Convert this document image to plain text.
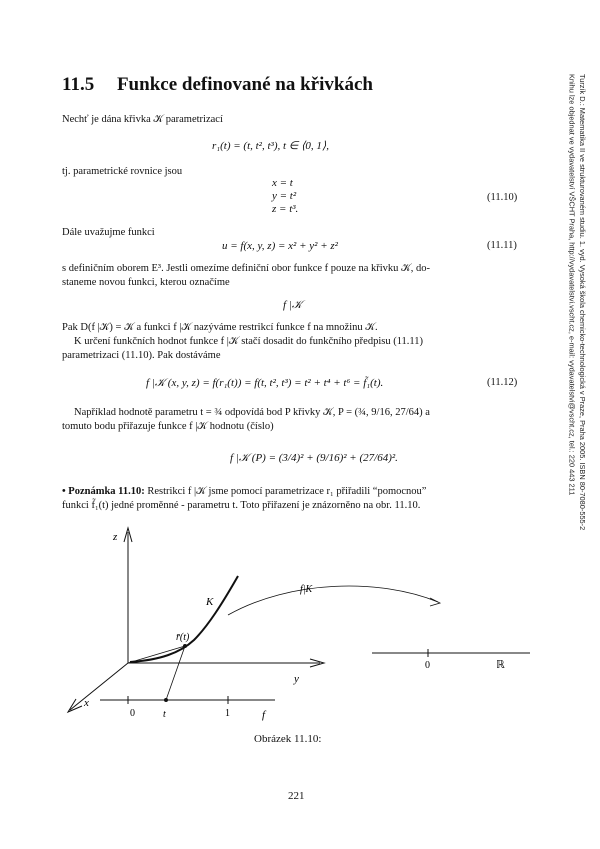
11.5 Funkce definované na křivkách	Turzík D.: Matematika II ve strukturovaném studiu. 1. vyd. Vysoká škola chemicko-technologická v Praze, Praha 2005. ISBN 80-7080-555-2
Knihu lze objednat ve vydavatelství VŠCHT Praha, http://vydavatelstvi.vscht.cz, e-mail: vydavatelstvi@vscht.cz, tel.: 220 443 211
Nechť je dána křivka 𝒦 parametrizací
r₁(t) = (t, t², t³), t ∈ ⟨0, 1⟩,
tj. parametrické rovnice jsou
x = t
y = t²
z = t³.
(11.10)
Dále uvažujme funkci
u = f(x, y, z) = x² + y² + z²	(11.11)
s definičním oborem E³. Jestli omezíme definiční obor funkce f pouze na křivku 𝒦, do-
staneme novou funkci, kterou označíme
f |𝒦
Pak D(f |𝒦) = 𝒦 a funkci f |𝒦 nazýváme restrikcí funkce f na množinu 𝒦.
K určení funkčních hodnot funkce f |𝒦 stačí dosadit do funkčního předpisu (11.11)
parametrizaci (11.10). Pak dostáváme
f |𝒦 (x, y, z) = f(r₁(t)) = f(t, t², t³) = t² + t⁴ + t⁶ = f̃₁(t).	(11.12)
Například hodnotě parametru t = ¾ odpovídá bod P křivky 𝒦, P = (¾, 9/16, 27/64) a
tomuto bodu přiřazuje funkce f |𝒦 hodnotu (číslo)
f |𝒦 (P) = (3/4)² + (9/16)² + (27/64)².
• Poznámka 11.10: Restrikci f |𝒦 jsme pomocí parametrizace r₁ přiřadili “pomocnou”
funkci f̃₁(t) jedné proměnné - parametru t. Toto přiřazení je znázorněno na obr. 11.10.
z
y
x
K
r̄(t)
0	t	1	f
f|K
0	ℝ
Obrázek 11.10:
221
